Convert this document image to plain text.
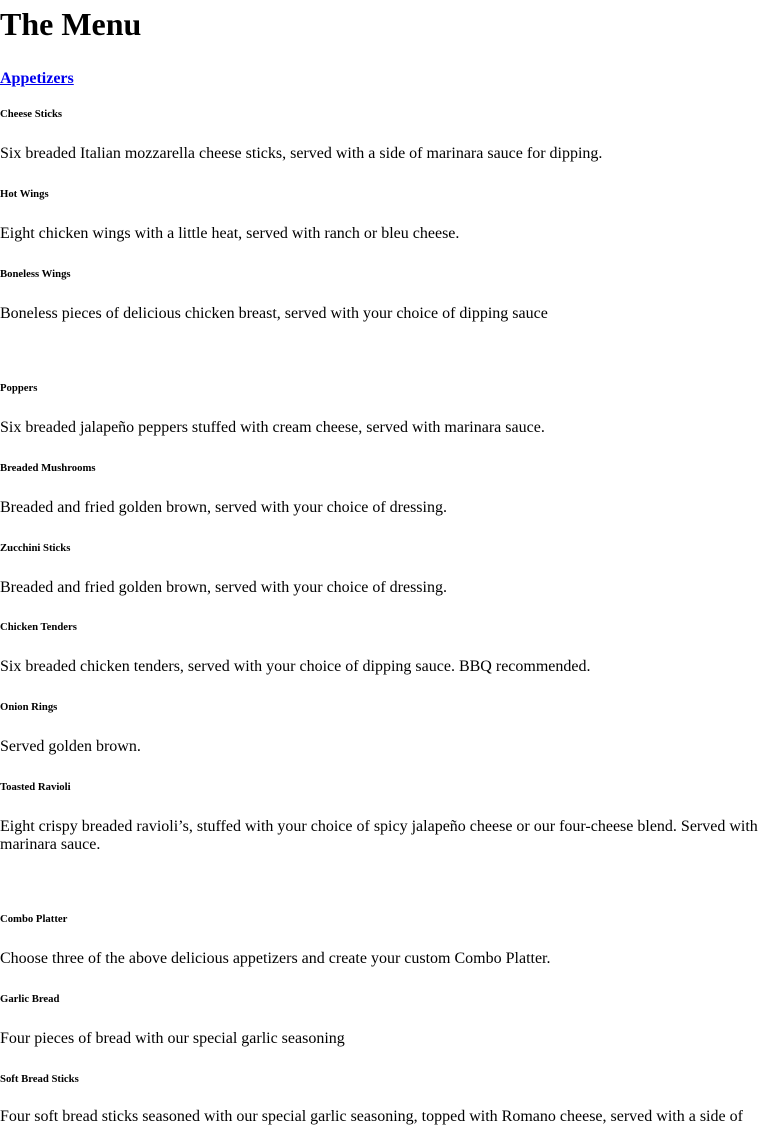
The Menu
Appetizers
Cheese Sticks

Six breaded Italian mozzarella cheese sticks, served with a side of marinara sauce for dipping.

Hot Wings

Eight chicken wings with a little heat, served with ranch or bleu cheese.

Boneless Wings

Boneless pieces of delicious chicken breast, served with your choice of dipping sauce

Poppers

Six breaded jalapeño peppers stuffed with cream cheese, served with marinara sauce.

Breaded Mushrooms

Breaded and fried golden brown, served with your choice of dressing.

Zucchini Sticks

Breaded and fried golden brown, served with your choice of dressing.

Chicken Tenders

Six breaded chicken tenders, served with your choice of dipping sauce. BBQ recommended.

Onion Rings

Served golden brown.

Toasted Ravioli

Eight crispy breaded ravioli’s, stuffed with your choice of spicy jalapeño cheese or our four-cheese blend. Served with marinara sauce.

Combo Platter

Choose three of the above delicious appetizers and create your custom Combo Platter.

Garlic Bread

Four pieces of bread with our special garlic seasoning

Soft Bread Sticks

Four soft bread sticks seasoned with our special garlic seasoning, topped with Romano cheese, served with a side of
